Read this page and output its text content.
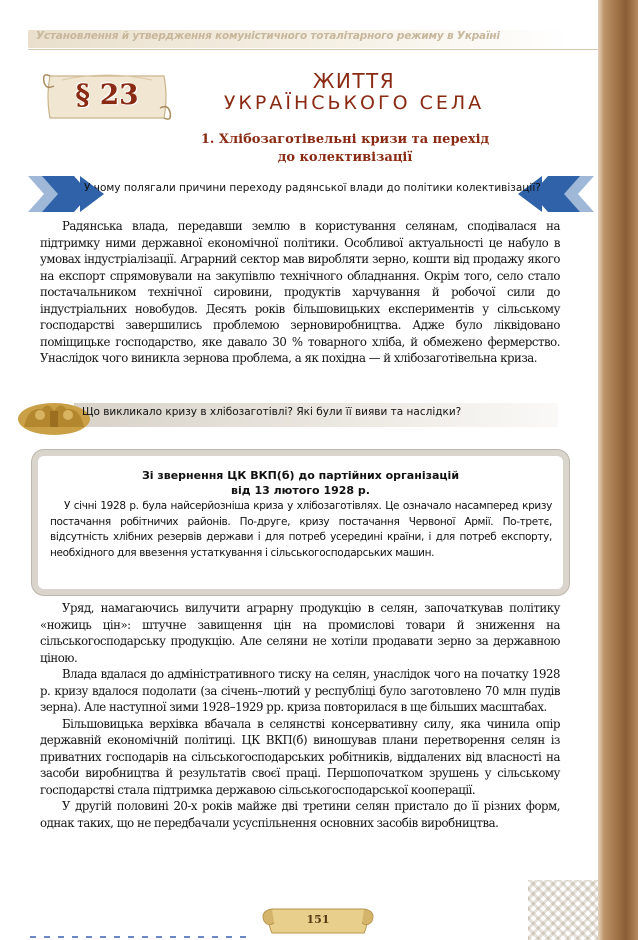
Установлення й утвердження комуністичного тоталітарного режиму в Україні
§ 23	ЖИТТЯ
УКРАЇНСЬКОГО СЕЛА
1. Хлібозаготівельні кризи та перехід
до колективізації
У чому полягали причини переходу радянської влади до політики колективізації?

Радянська влада, передавши землю в користування селянам, сподівалася на підтримку ними державної економічної політики. Особливої актуальності це набуло в умовах індустріалізації. Аграрний сектор мав виробляти зерно, кошти від продажу якого на експорт спрямовували на закупівлю технічного обладнання. Окрім того, село стало постачальником технічної сировини, продуктів харчування й робочої сили до індустріальних новобудов. Десять років більшовицьких експериментів у сільському господарстві завершились проблемою зерновиробництва. Адже було ліквідовано поміщицьке господарство, яке давало 30 % товарного хліба, й обмежено фермерство. Унаслідок чого виникла зернова проблема, а як похідна — й хлібозаготівельна криза.

Що викликало кризу в хлібозаготівлі? Які були її вияви та наслідки?
Зі звернення ЦК ВКП(б) до партійних організацій
від 13 лютого 1928 р.

У січні 1928 р. була найсерйозніша криза у хлібозаготівлях. Це означало насамперед кризу постачання робітничих районів. По-друге, кризу постачання Червоної Армії. По-третє, відсутність хлібних резервів держави і для потреб усередині країни, і для потреб експорту, необхідного для ввезення устаткування і сільськогосподарських машин.

Уряд, намагаючись вилучити аграрну продукцію в селян, започаткував політику «ножиць цін»: штучне завищення цін на промислові товари й зниження на сільськогосподарську продукцію. Але селяни не хотіли продавати зерно за державною ціною.

Влада вдалася до адміністративного тиску на селян, унаслідок чого на початку 1928 р. кризу вдалося подолати (за січень–лютий у республіці було заготовлено 70 млн пудів зерна). Але наступної зими 1928–1929 рр. криза повторилася в ще більших масштабах.

Більшовицька верхівка вбачала в селянстві консервативну силу, яка чинила опір державній економічній політиці. ЦК ВКП(б) виношував плани перетворення селян із приватних господарів на сільськогосподарських робітників, віддалених від власності на засоби виробництва й результатів своєї праці. Першопочатком зрушень у сільському господарстві стала підтримка державою сільськогосподарської кооперації.

У другій половині 20-х років майже дві третини селян пристало до її різних форм, однак таких, що не передбачали усуспільнення основних засобів виробництва.

151
